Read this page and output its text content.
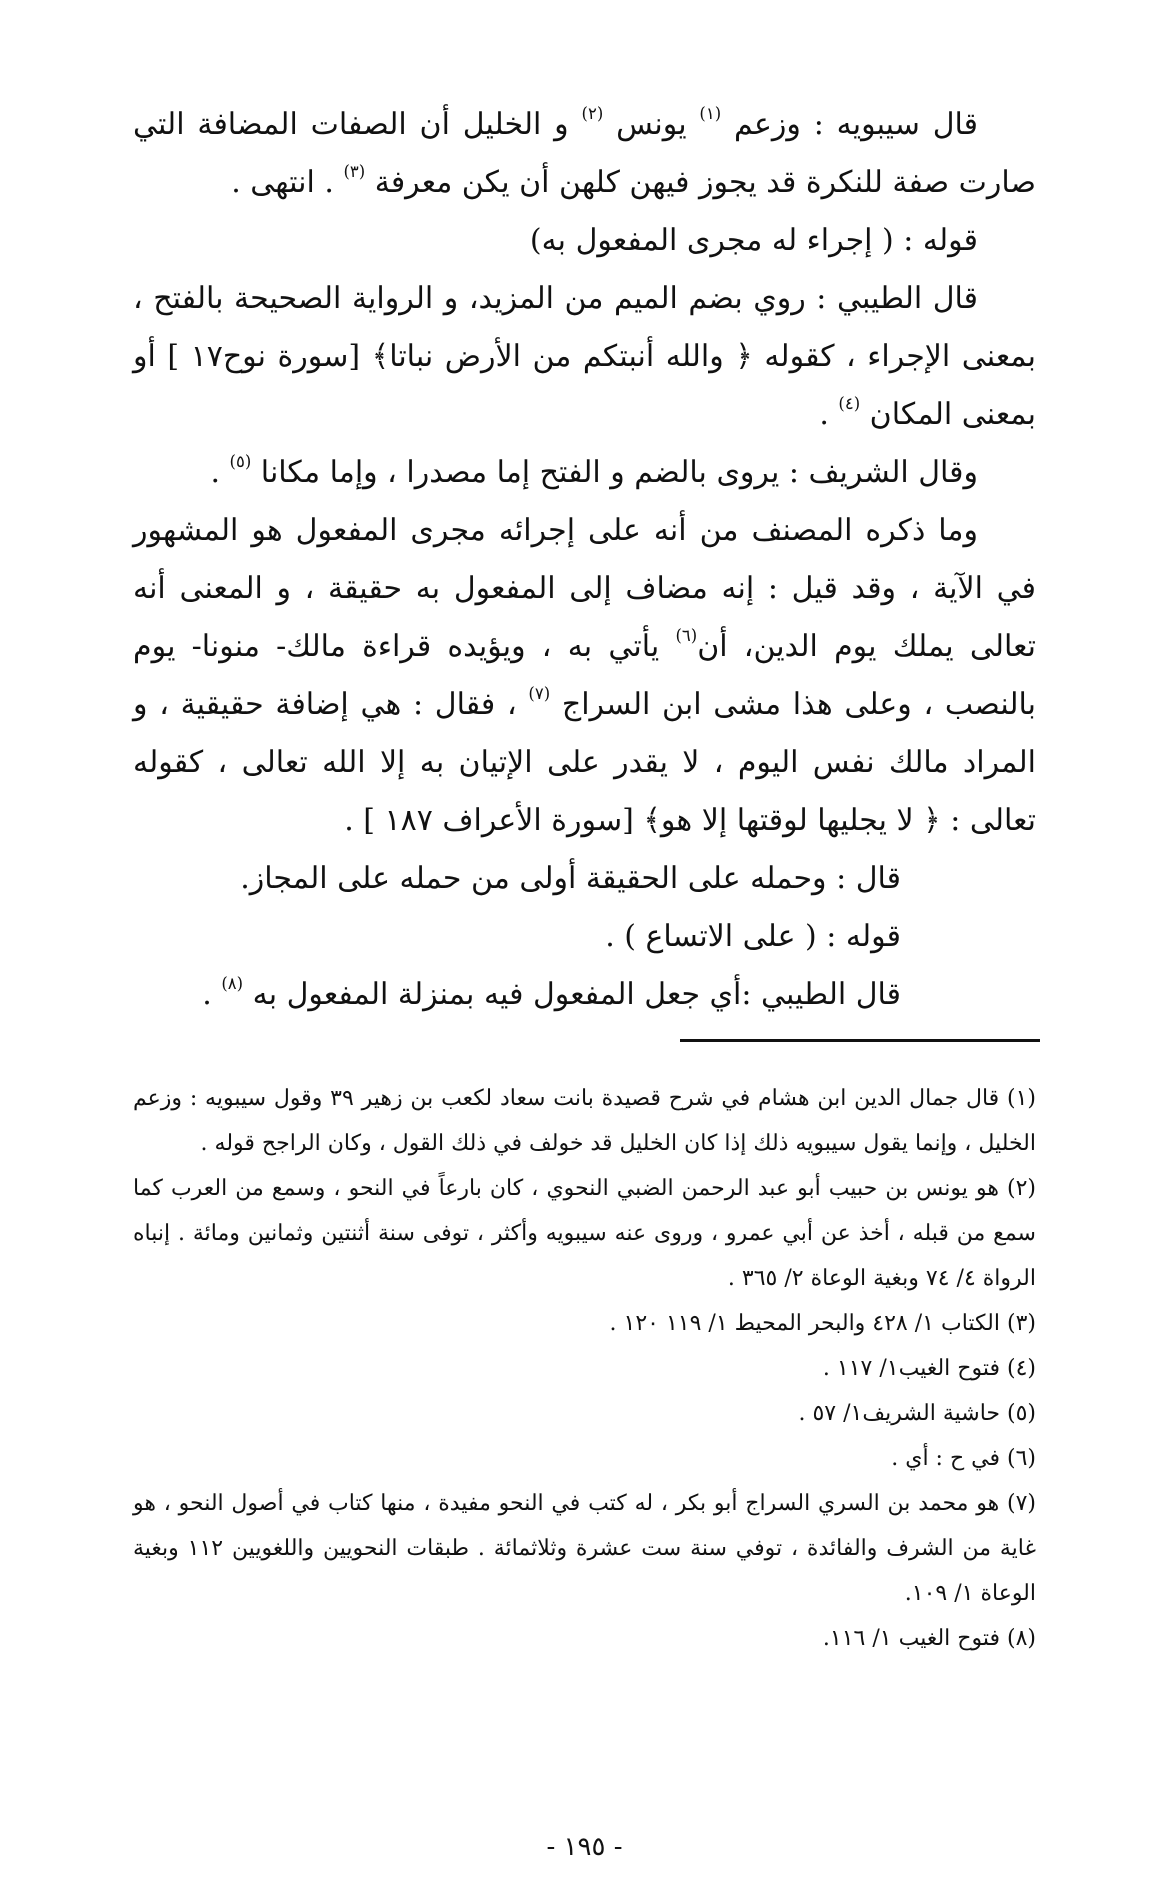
قال سيبويه : وزعم $^{(١)}$ يونس $^{(٢)}$ و الخليل أن الصفات المضافة التي صارت صفة للنكرة قد يجوز فيهن كلهن أن يكن معرفة $^{(٣)}$ . انتهى .

قوله : ( إجراء له مجرى المفعول به)

قال الطيبي : روي بضم الميم من المزيد، و الرواية الصحيحة بالفتح ، بمعنى الإجراء ، كقوله ﴿ والله أنبتكم من الأرض نباتا﴾ [سورة نوح١٧ ] أو بمعنى المكان $^{(٤)}$ .

وقال الشريف : يروى بالضم و الفتح إما مصدرا ، وإما مكانا $^{(٥)}$ .

وما ذكره المصنف من أنه على إجرائه مجرى المفعول هو المشهور في الآية ، وقد قيل : إنه مضاف إلى المفعول به حقيقة ، و المعنى أنه تعالى يملك يوم الدين، أن$^{(٦)}$ يأتي به ، ويؤيده قراءة مالك- منونا- يوم بالنصب ، وعلى هذا مشى ابن السراج $^{(٧)}$ ، فقال : هي إضافة حقيقية ، و المراد مالك نفس اليوم ، لا يقدر على الإتيان به إلا الله تعالى ، كقوله تعالى : ﴿ لا يجليها لوقتها إلا هو﴾ [سورة الأعراف ١٨٧ ] .

قال : وحمله على الحقيقة أولى من حمله على المجاز.

قوله : ( على الاتساع ) .

قال الطيبي :أي جعل المفعول فيه بمنزلة المفعول به $^{(٨)}$ .

(١) قال جمال الدين ابن هشام في شرح قصيدة بانت سعاد لكعب بن زهير ٣٩ وقول سيبويه : وزعم الخليل ، وإنما يقول سيبويه ذلك إذا كان الخليل قد خولف في ذلك القول ، وكان الراجح قوله .

(٢) هو يونس بن حبيب أبو عبد الرحمن الضبي النحوي ، كان بارعاً في النحو ، وسمع من العرب كما سمع من قبله ، أخذ عن أبي عمرو ، وروى عنه سيبويه وأكثر ، توفى سنة أثنتين وثمانين ومائة . إنباه الرواة ٤/ ٧٤ وبغية الوعاة ٢/ ٣٦٥ .

(٣) الكتاب ١/ ٤٢٨ والبحر المحيط ١/ ١١٩ ١٢٠ .

(٤) فتوح الغيب١/ ١١٧ .

(٥) حاشية الشريف١/ ٥٧ .

(٦) في ح : أي .

(٧) هو محمد بن السري السراج أبو بكر ، له كتب في النحو مفيدة ، منها كتاب في أصول النحو ، هو غاية من الشرف والفائدة ، توفي سنة ست عشرة وثلاثمائة . طبقات النحويين واللغويين ١١٢ وبغية الوعاة ١/ ١٠٩.

(٨) فتوح الغيب ١/ ١١٦.

- ١٩٥ -
